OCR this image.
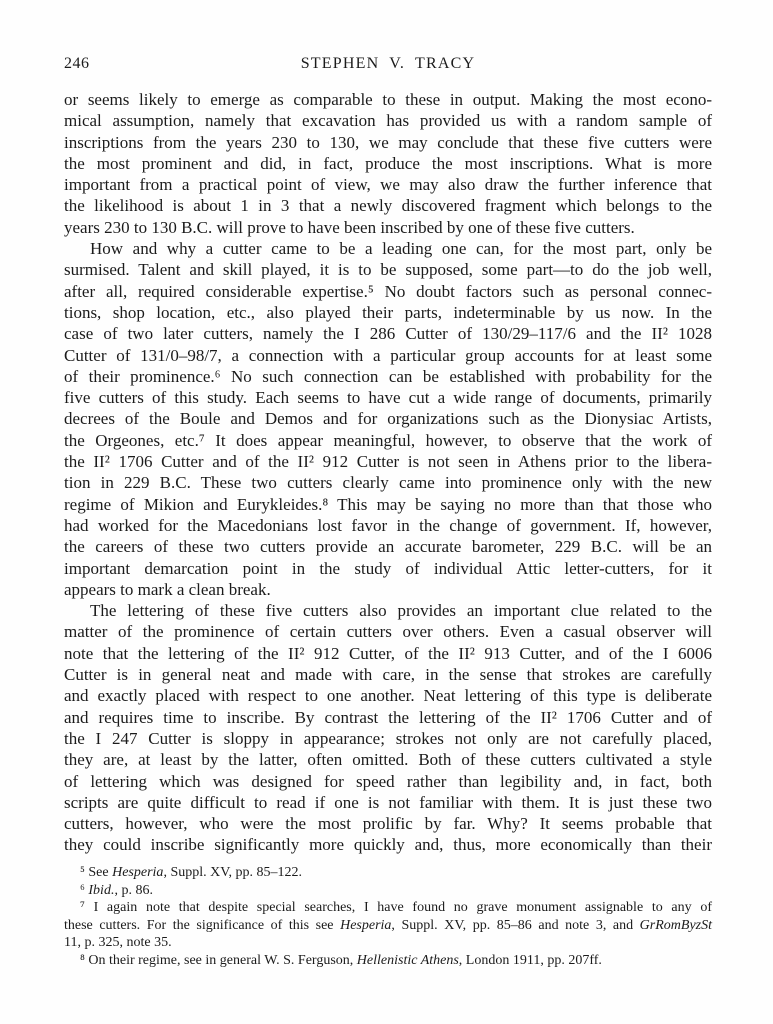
246	STEPHEN V. TRACY
or seems likely to emerge as comparable to these in output. Making the most econo-
mical assumption, namely that excavation has provided us with a random sample of
inscriptions from the years 230 to 130, we may conclude that these five cutters were
the most prominent and did, in fact, produce the most inscriptions. What is more
important from a practical point of view, we may also draw the further inference that
the likelihood is about 1 in 3 that a newly discovered fragment which belongs to the
years 230 to 130 B.C. will prove to have been inscribed by one of these five cutters.
How and why a cutter came to be a leading one can, for the most part, only be
surmised. Talent and skill played, it is to be supposed, some part—to do the job well,
after all, required considerable expertise.⁵ No doubt factors such as personal connec-
tions, shop location, etc., also played their parts, indeterminable by us now. In the
case of two later cutters, namely the I 286 Cutter of 130/29–117/6 and the II² 1028
Cutter of 131/0–98/7, a connection with a particular group accounts for at least some
of their prominence.⁶ No such connection can be established with probability for the
five cutters of this study. Each seems to have cut a wide range of documents, primarily
decrees of the Boule and Demos and for organizations such as the Dionysiac Artists,
the Orgeones, etc.⁷ It does appear meaningful, however, to observe that the work of
the II² 1706 Cutter and of the II² 912 Cutter is not seen in Athens prior to the libera-
tion in 229 B.C. These two cutters clearly came into prominence only with the new
regime of Mikion and Eurykleides.⁸ This may be saying no more than that those who
had worked for the Macedonians lost favor in the change of government. If, however,
the careers of these two cutters provide an accurate barometer, 229 B.C. will be an
important demarcation point in the study of individual Attic letter-cutters, for it
appears to mark a clean break.
The lettering of these five cutters also provides an important clue related to the
matter of the prominence of certain cutters over others. Even a casual observer will
note that the lettering of the II² 912 Cutter, of the II² 913 Cutter, and of the I 6006
Cutter is in general neat and made with care, in the sense that strokes are carefully
and exactly placed with respect to one another. Neat lettering of this type is deliberate
and requires time to inscribe. By contrast the lettering of the II² 1706 Cutter and of
the I 247 Cutter is sloppy in appearance; strokes not only are not carefully placed,
they are, at least by the latter, often omitted. Both of these cutters cultivated a style
of lettering which was designed for speed rather than legibility and, in fact, both
scripts are quite difficult to read if one is not familiar with them. It is just these two
cutters, however, who were the most prolific by far. Why? It seems probable that
they could inscribe significantly more quickly and, thus, more economically than their
⁵ See Hesperia, Suppl. XV, pp. 85–122.
⁶ Ibid., p. 86.
⁷ I again note that despite special searches, I have found no grave monument assignable to any of
these cutters. For the significance of this see Hesperia, Suppl. XV, pp. 85–86 and note 3, and GrRomByzSt
11, p. 325, note 35.
⁸ On their regime, see in general W. S. Ferguson, Hellenistic Athens, London 1911, pp. 207ff.
